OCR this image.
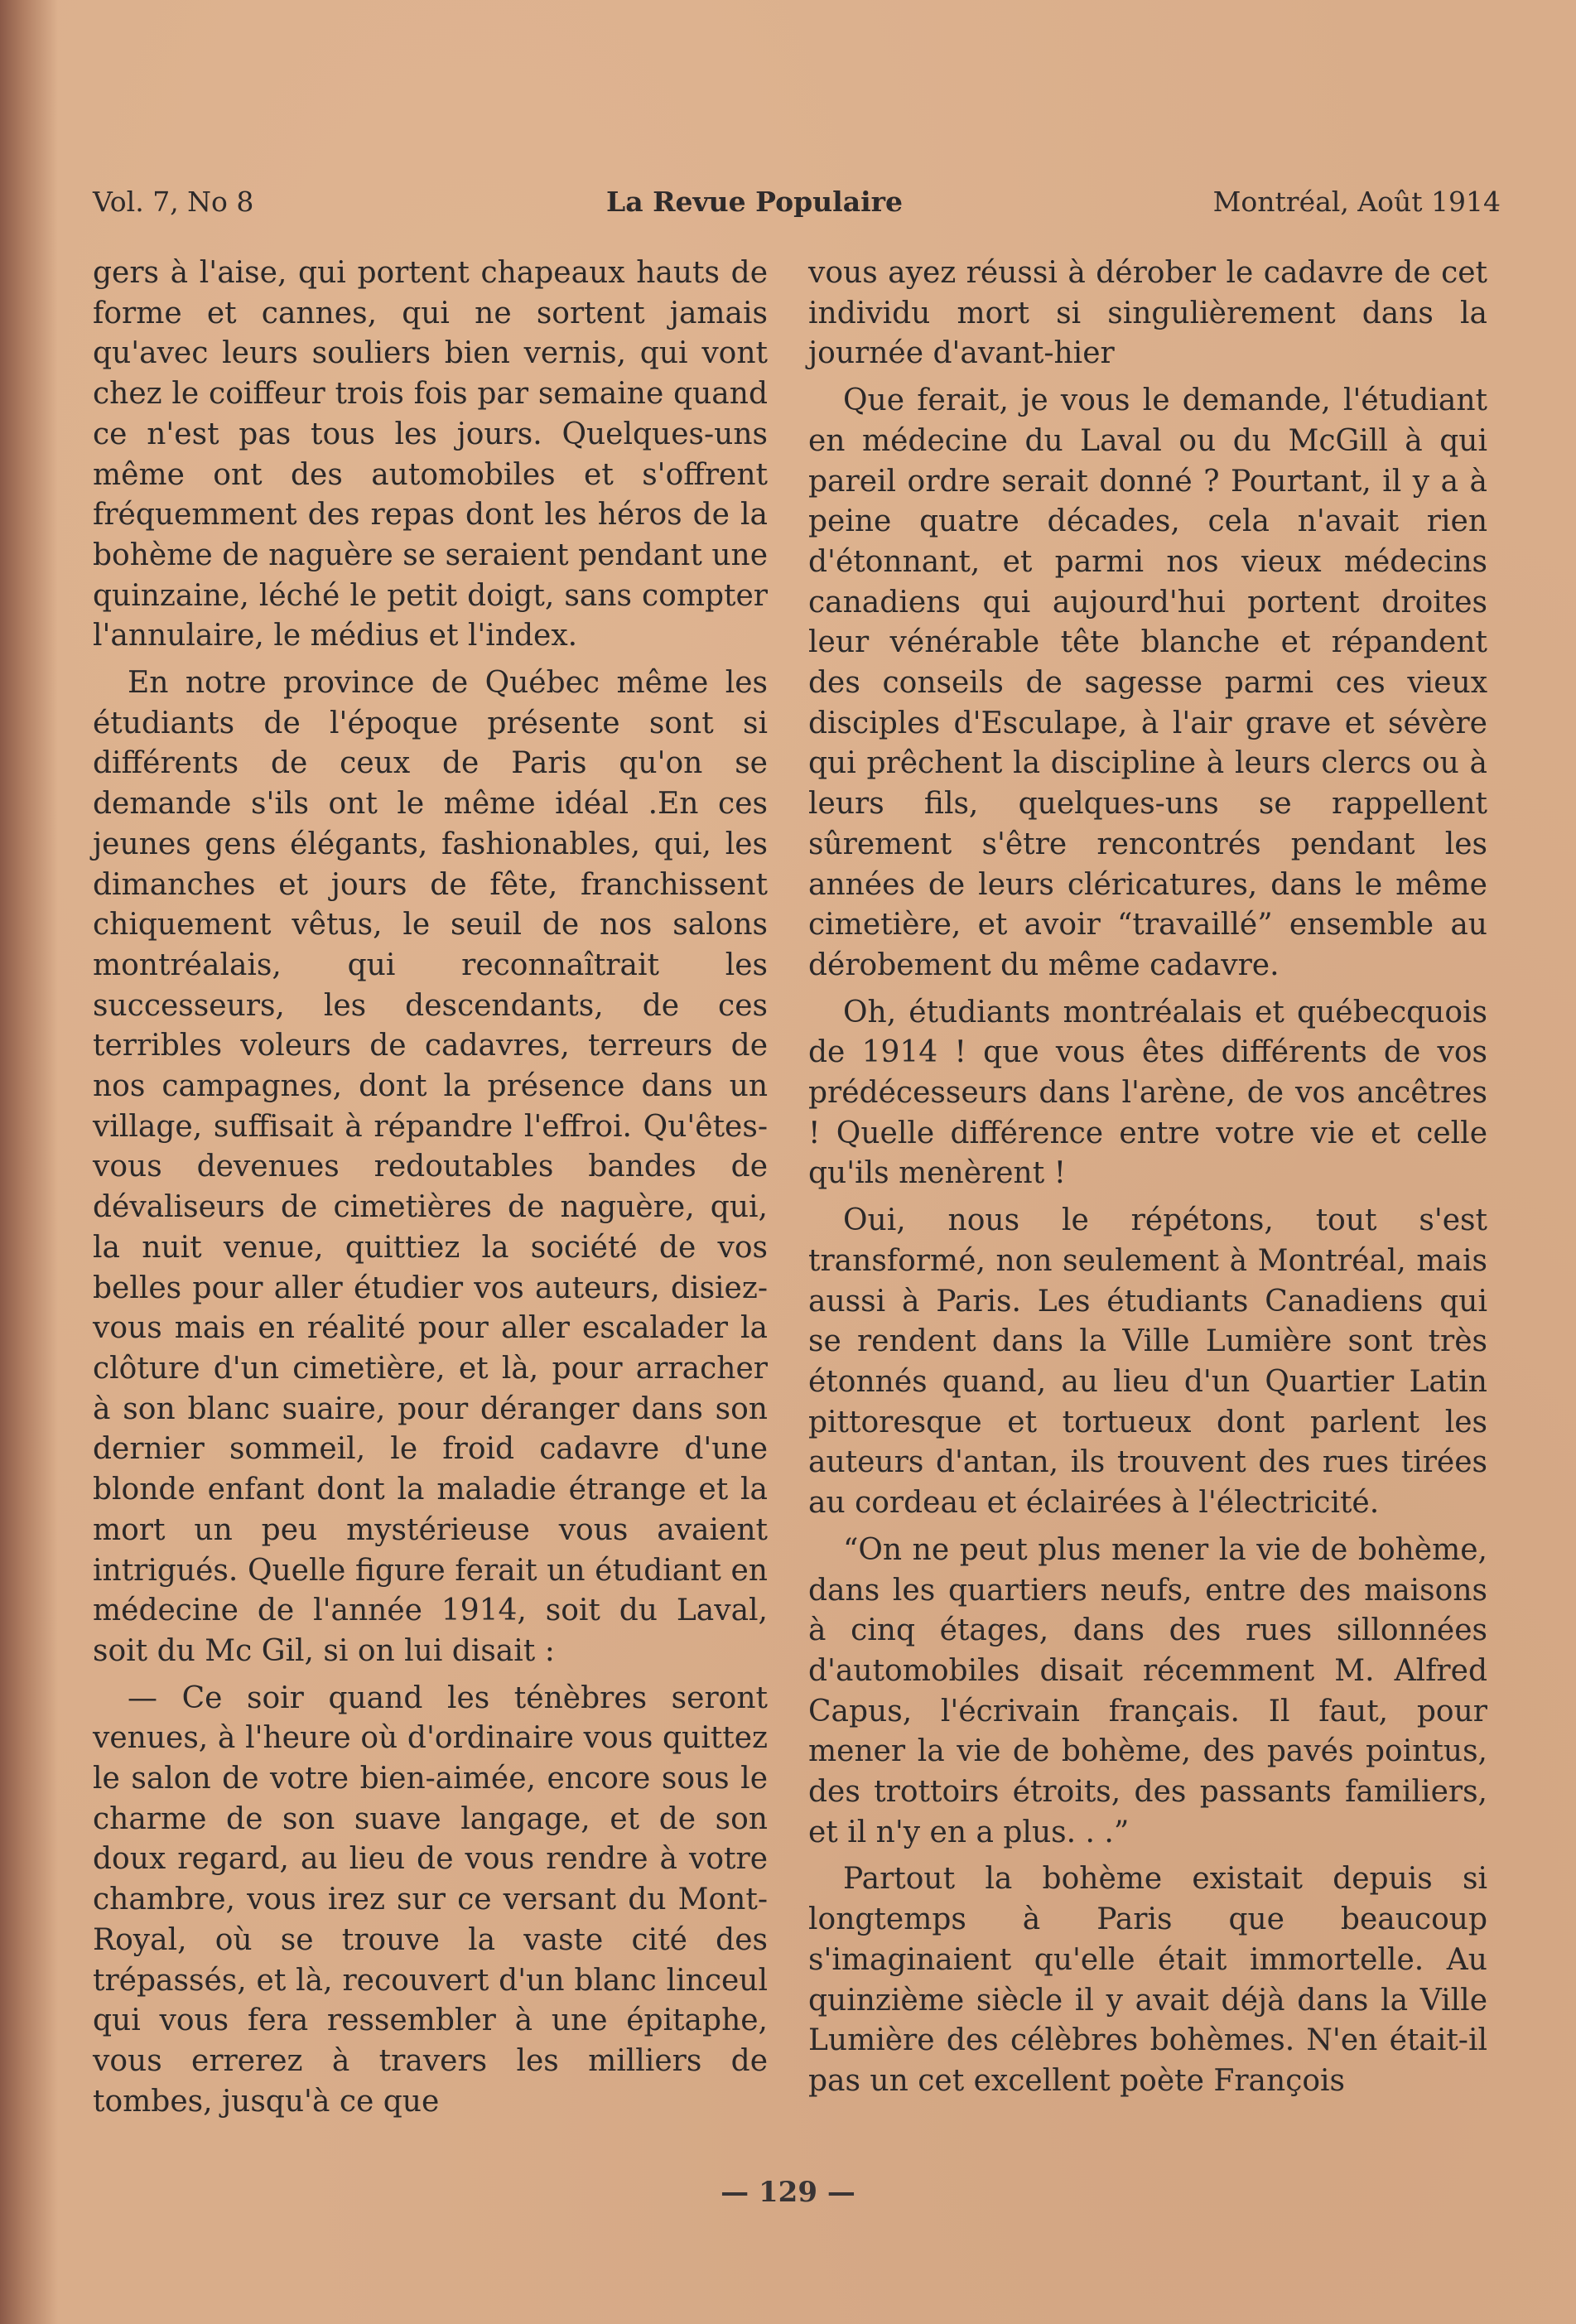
Vol. 7, No 8	La Revue Populaire	Montréal, Août 1914

gers à l'aise, qui portent chapeaux hauts de forme et cannes, qui ne sortent jamais qu'avec leurs souliers bien vernis, qui vont chez le coiffeur trois fois par semaine quand ce n'est pas tous les jours. Quelques-uns même ont des automobiles et s'offrent fréquemment des repas dont les héros de la bohème de naguère se seraient pendant une quinzaine, léché le petit doigt, sans compter l'annulaire, le médius et l'index.

En notre province de Québec même les étudiants de l'époque présente sont si différents de ceux de Paris qu'on se demande s'ils ont le même idéal .En ces jeunes gens élégants, fashionables, qui, les dimanches et jours de fête, franchissent chiquement vêtus, le seuil de nos salons montréalais, qui reconnaîtrait les successeurs, les descendants, de ces terribles voleurs de cadavres, terreurs de nos campagnes, dont la présence dans un village, suffisait à répandre l'effroi. Qu'êtes-vous devenues redoutables bandes de dévaliseurs de cimetières de naguère, qui, la nuit venue, quittiez la société de vos belles pour aller étudier vos auteurs, disiez-vous mais en réalité pour aller escalader la clôture d'un cimetière, et là, pour arracher à son blanc suaire, pour déranger dans son dernier sommeil, le froid cadavre d'une blonde enfant dont la maladie étrange et la mort un peu mystérieuse vous avaient intrigués. Quelle figure ferait un étudiant en médecine de l'année 1914, soit du Laval, soit du Mc Gil, si on lui disait :

— Ce soir quand les ténèbres seront venues, à l'heure où d'ordinaire vous quittez le salon de votre bien-aimée, encore sous le charme de son suave langage, et de son doux regard, au lieu de vous rendre à votre chambre, vous irez sur ce versant du Mont-Royal, où se trouve la vaste cité des trépassés, et là, recouvert d'un blanc linceul qui vous fera ressembler à une épitaphe, vous errerez à travers les milliers de tombes, jusqu'à ce que

vous ayez réussi à dérober le cadavre de cet individu mort si singulièrement dans la journée d'avant-hier

Que ferait, je vous le demande, l'étudiant en médecine du Laval ou du McGill à qui pareil ordre serait donné ? Pourtant, il y a à peine quatre décades, cela n'avait rien d'étonnant, et parmi nos vieux médecins canadiens qui aujourd'hui portent droites leur vénérable tête blanche et répandent des conseils de sagesse parmi ces vieux disciples d'Esculape, à l'air grave et sévère qui prêchent la discipline à leurs clercs ou à leurs fils, quelques-uns se rappellent sûrement s'être rencontrés pendant les années de leurs cléricatures, dans le même cimetière, et avoir “travaillé” ensemble au dérobement du même cadavre.

Oh, étudiants montréalais et québecquois de 1914 ! que vous êtes différents de vos prédécesseurs dans l'arène, de vos ancêtres ! Quelle différence entre votre vie et celle qu'ils menèrent !

Oui, nous le répétons, tout s'est transformé, non seulement à Montréal, mais aussi à Paris. Les étudiants Canadiens qui se rendent dans la Ville Lumière sont très étonnés quand, au lieu d'un Quartier Latin pittoresque et tortueux dont parlent les auteurs d'antan, ils trouvent des rues tirées au cordeau et éclairées à l'électricité.

“On ne peut plus mener la vie de bohème, dans les quartiers neufs, entre des maisons à cinq étages, dans des rues sillonnées d'automobiles disait récemment M. Alfred Capus, l'écrivain français. Il faut, pour mener la vie de bohème, des pavés pointus, des trottoirs étroits, des passants familiers, et il n'y en a plus. . .”

Partout la bohème existait depuis si longtemps à Paris que beaucoup s'imaginaient qu'elle était immortelle. Au quinzième siècle il y avait déjà dans la Ville Lumière des célèbres bohèmes. N'en était-il pas un cet excellent poète François

— 129 —
